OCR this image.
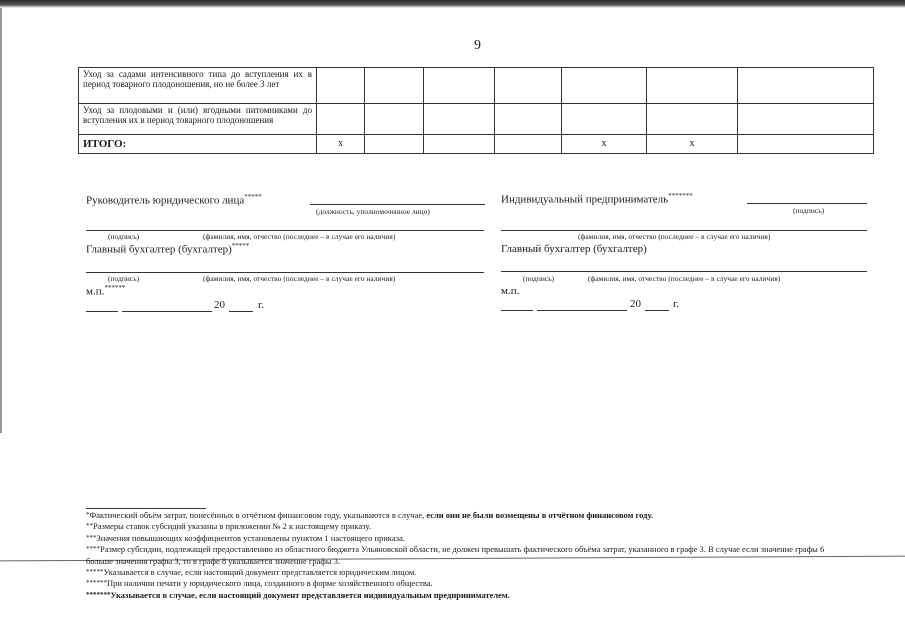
9
Уход за садами интенсивного типа до вступления их в период товарного плодоношения, но не более 3 лет								
Уход за плодовыми и (или) ягодными питомниками до вступления их в период товарного плодоношения								
ИТОГО:	х				х	х		
Руководитель юридического лица*****
(должность, уполномоченное лицо)
(подпись)	(фамилия, имя, отчество (последнее – в случае его наличия)
Главный бухгалтер (бухгалтер)*****
(подпись)	(фамилия, имя, отчество (последнее – в случае его наличия)
м.п.******
20	г.
Индивидуальный предприниматель*******
(подпись)
(фамилия, имя, отчество (последнее – в случае его наличия)
Главный бухгалтер (бухгалтер)
(подпись)	(фамилия, имя, отчество (последнее – в случае его наличия)
м.п.
20	г.
*Фактический объём затрат, понесённых в отчётном финансовом году, указываются в случае, если они не были возмещены в отчётном финансовом году.
**Размеры ставок субсидий указаны в приложении № 2 к настоящему приказу.
***Значения повышающих коэффициентов установлены пунктом 1 настоящего приказа.
****Размер субсидии, подлежащей предоставлению из областного бюджета Ульяновской области, не должен превышать фактического объёма затрат, указанного в графе 3. В случае если значение графы 6 больше значения графы 3, то в графе 8 указывается значение графы 3.
*****Указывается в случае, если настоящий документ представляется юридическим лицом.
******При наличии печати у юридического лица, созданного в форме хозяйственного общества.
*******Указывается в случае, если настоящий документ представляется индивидуальным предпринимателем.
